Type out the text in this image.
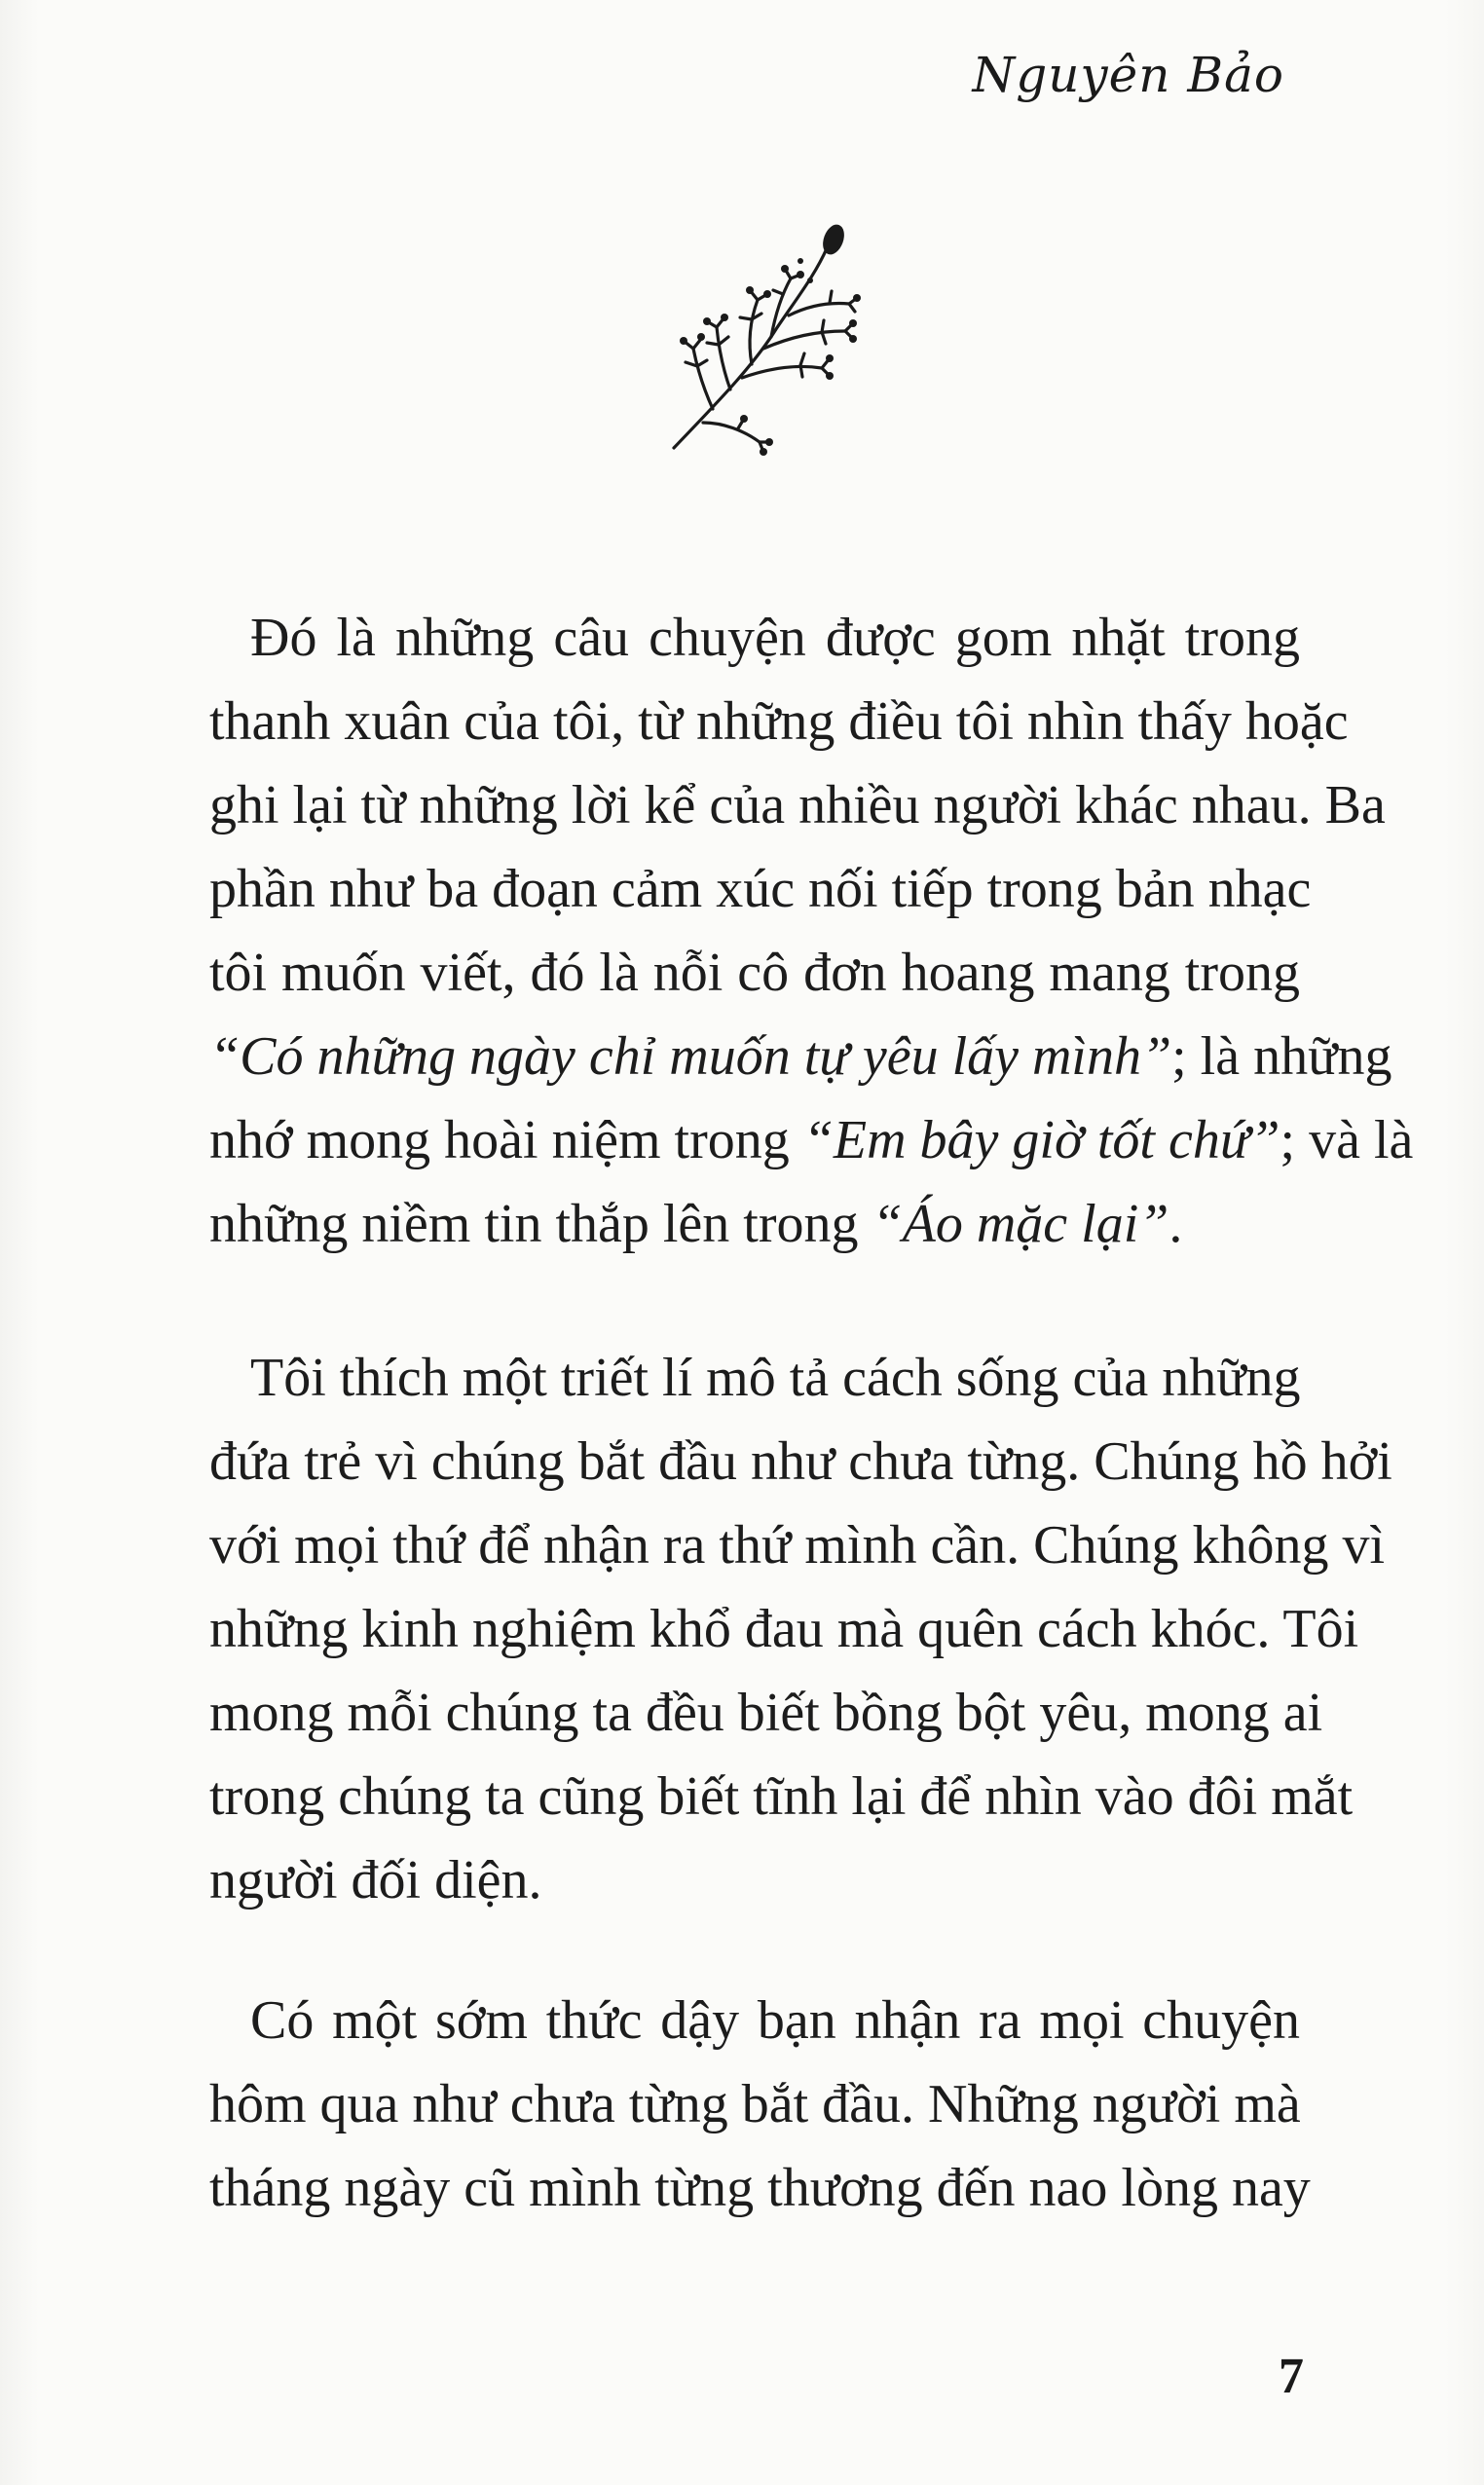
Nguyên Bảo

Đó là những câu chuyện được gom nhặt trong
thanh xuân của tôi, từ những điều tôi nhìn thấy hoặc
ghi lại từ những lời kể của nhiều người khác nhau. Ba
phần như ba đoạn cảm xúc nối tiếp trong bản nhạc
tôi muốn viết, đó là nỗi cô đơn hoang mang trong
“Có những ngày chỉ muốn tự yêu lấy mình”; là những
nhớ mong hoài niệm trong “Em bây giờ tốt chứ”; và là
những niềm tin thắp lên trong “Áo mặc lại”.

Tôi thích một triết lí mô tả cách sống của những
đứa trẻ vì chúng bắt đầu như chưa từng. Chúng hồ hởi
với mọi thứ để nhận ra thứ mình cần. Chúng không vì
những kinh nghiệm khổ đau mà quên cách khóc. Tôi
mong mỗi chúng ta đều biết bồng bột yêu, mong ai
trong chúng ta cũng biết tĩnh lại để nhìn vào đôi mắt
người đối diện.

Có một sớm thức dậy bạn nhận ra mọi chuyện
hôm qua như chưa từng bắt đầu. Những người mà
tháng ngày cũ mình từng thương đến nao lòng nay

7
